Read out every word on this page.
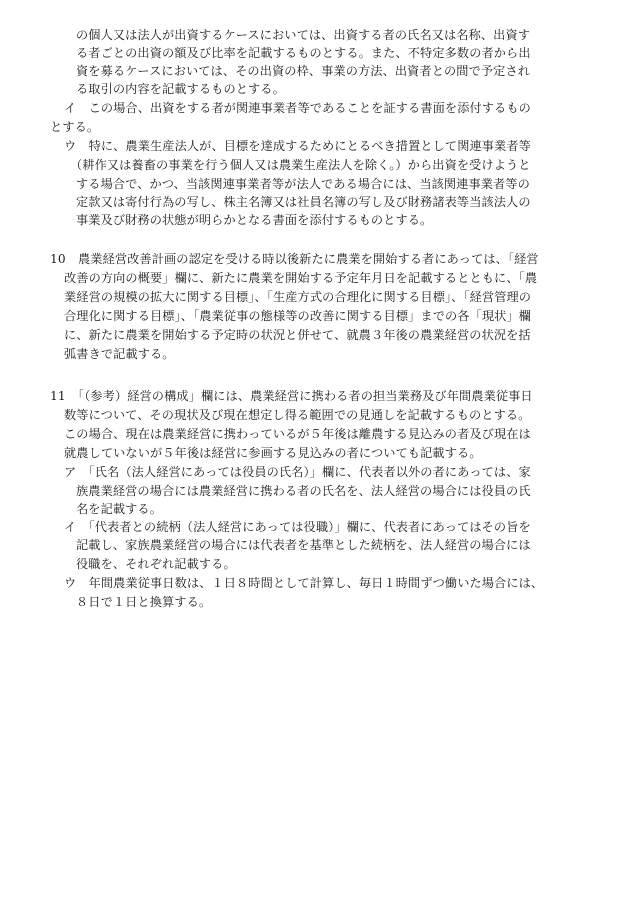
の個人又は法人が出資するケースにおいては、出資する者の氏名又は名称、出資す
る者ごとの出資の額及び比率を記載するものとする。また、不特定多数の者から出
資を募るケースにおいては、その出資の枠、事業の方法、出資者との間で予定され
る取引の内容を記載するものとする。
イ　この場合、出資をする者が関連事業者等であることを証する書面を添付するもの
とする。
ウ　特に、農業生産法人が、目標を達成するためにとるべき措置として関連事業者等
（耕作又は養畜の事業を行う個人又は農業生産法人を除く。）から出資を受けようと
する場合で、かつ、当該関連事業者等が法人である場合には、当該関連事業者等の
定款又は寄付行為の写し、株主名簿又は社員名簿の写し及び財務諸表等当該法人の
事業及び財務の状態が明らかとなる書面を添付するものとする。
10　農業経営改善計画の認定を受ける時以後新たに農業を開始する者にあっては、「経営
改善の方向の概要」欄に、新たに農業を開始する予定年月日を記載するとともに、「農
業経営の規模の拡大に関する目標」、「生産方式の合理化に関する目標」、「経営管理の
合理化に関する目標」、「農業従事の態様等の改善に関する目標」までの各「現状」欄
に、新たに農業を開始する予定時の状況と併せて、就農３年後の農業経営の状況を括
弧書きで記載する。
11　「（参考）経営の構成」欄には、農業経営に携わる者の担当業務及び年間農業従事日
数等について、その現状及び現在想定し得る範囲での見通しを記載するものとする。
この場合、現在は農業経営に携わっているが５年後は離農する見込みの者及び現在は
就農していないが５年後は経営に参画する見込みの者についても記載する。
ア　「氏名（法人経営にあっては役員の氏名）」欄に、代表者以外の者にあっては、家
族農業経営の場合には農業経営に携わる者の氏名を、法人経営の場合には役員の氏
名を記載する。
イ　「代表者との続柄（法人経営にあっては役職）」欄に、代表者にあってはその旨を
記載し、家族農業経営の場合には代表者を基準とした続柄を、法人経営の場合には
役職を、それぞれ記載する。
ウ　年間農業従事日数は、１日８時間として計算し、毎日１時間ずつ働いた場合には、
８日で１日と換算する。
